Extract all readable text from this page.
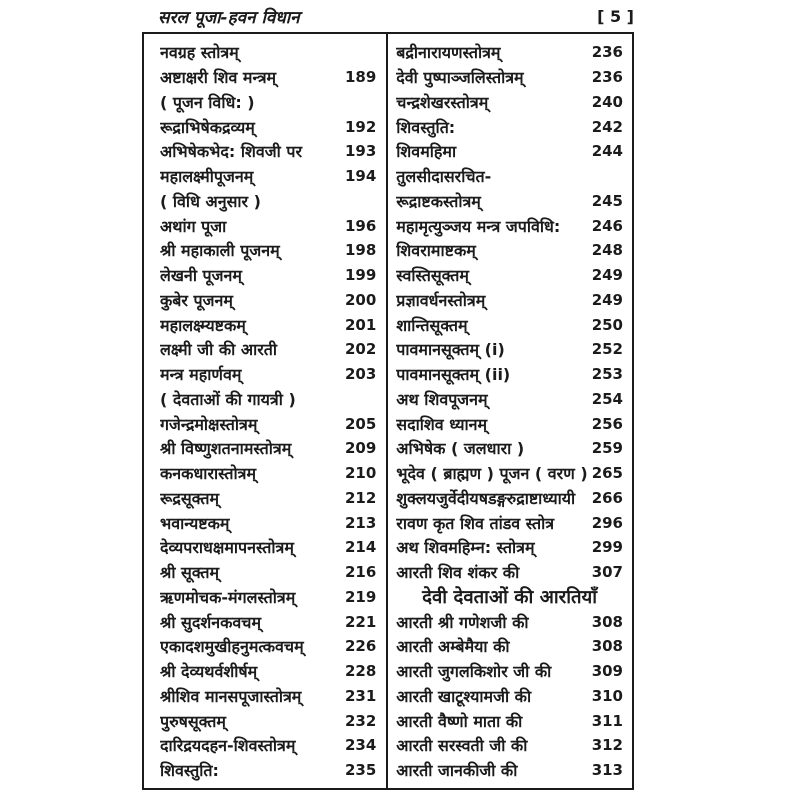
सरल पूजा-हवन विधान	[ 5 ]
नवग्रह स्तोत्रम्
अष्टाक्षरी शिव मन्त्रम्	189
( पूजन विधि: )
रूद्राभिषेकद्रव्यम्	192
अभिषेकभेद: शिवजी पर	193
महालक्ष्मीपूजनम्	194
( विधि अनुसार )
अथांग पूजा	196
श्री महाकाली पूजनम्	198
लेखनी पूजनम्	199
कुबेर पूजनम्	200
महालक्ष्म्यष्टकम्	201
लक्ष्मी जी की आरती	202
मन्त्र महार्णवम्	203
( देवताओं की गायत्री )
गजेन्द्रमोक्षस्तोत्रम्	205
श्री विष्णुशतनामस्तोत्रम्	209
कनकधारास्तोत्रम्	210
रूद्रसूक्तम्	212
भवान्यष्टकम्	213
देव्यपराधक्षमापनस्तोत्रम्	214
श्री सूक्तम्	216
ऋणमोचक-मंगलस्तोत्रम्	219
श्री सुदर्शनकवचम्	221
एकादशमुखीहनुमत्कवचम्	226
श्री देव्यथर्वशीर्षम्	228
श्रीशिव मानसपूजास्तोत्रम्	231
पुरुषसूक्तम्	232
दारिद्रयदहन-शिवस्तोत्रम्	234
शिवस्तुति:	235
बद्रीनारायणस्तोत्रम्	236
देवी पुष्पाञ्जलिस्तोत्रम्	236
चन्द्रशेखरस्तोत्रम्	240
शिवस्तुति:	242
शिवमहिमा	244
तुलसीदासरचित-
रूद्राष्टकस्तोत्रम्	245
महामृत्युञ्जय मन्त्र जपविधि:	246
शिवरामाष्टकम्	248
स्वस्तिसूक्तम्	249
प्रज्ञावर्धनस्तोत्रम्	249
शान्तिसूक्तम्	250
पावमानसूक्तम् (i)	252
पावमानसूक्तम् (ii)	253
अथ शिवपूजनम्	254
सदाशिव ध्यानम्	256
अभिषेक ( जलधारा )	259
भूदेव ( ब्राह्मण ) पूजन ( वरण ) 265
शुक्लयजुर्वेदीयषडङ्गरुद्राष्टाध्यायी	266
रावण कृत शिव तांडव स्तोत्र	296
अथ शिवमहिम्न: स्तोत्रम्	299
आरती शिव शंकर की	307
देवी देवताओं की आरतियाँ
आरती श्री गणेशजी की	308
आरती अम्बेमैया की	308
आरती जुगलकिशोर जी की	309
आरती खाटूश्यामजी की	310
आरती वैष्णो माता की	311
आरती सरस्वती जी की	312
आरती जानकीजी की	313
